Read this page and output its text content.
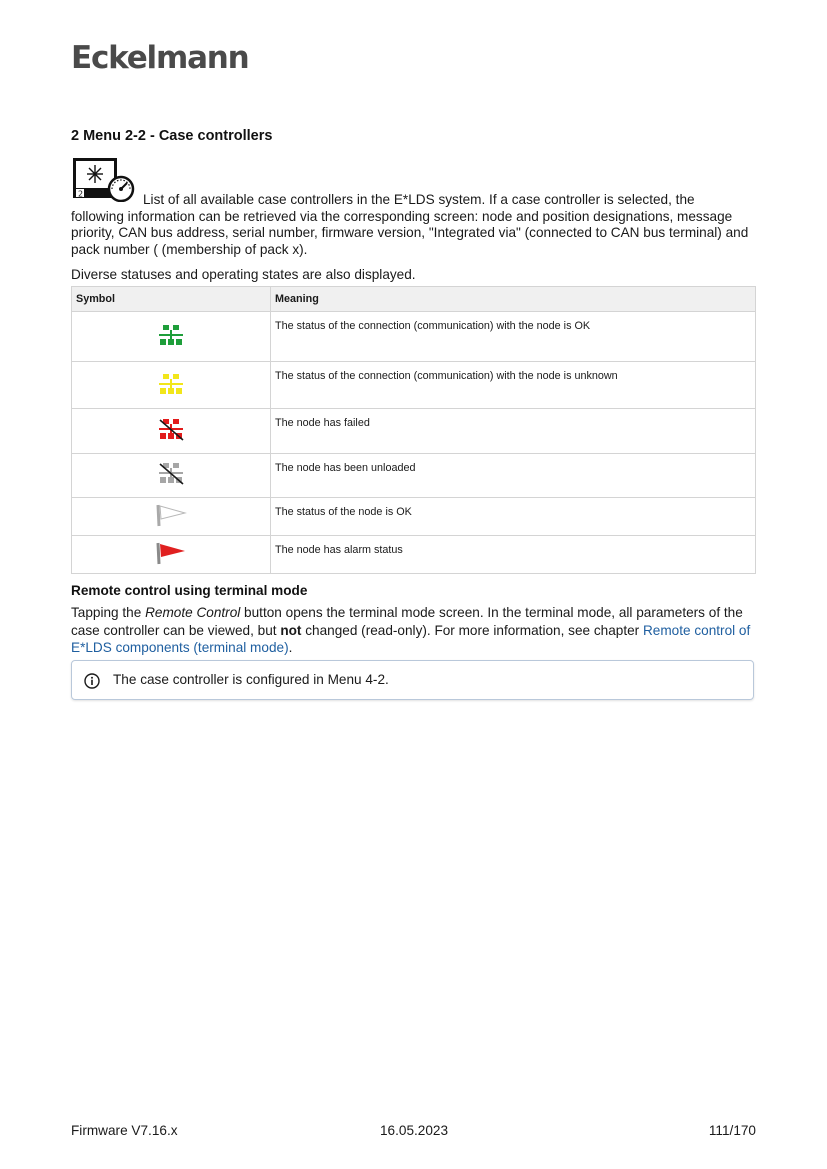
Eckelmann
2 Menu 2-2 - Case controllers
2	List of all available case controllers in the E*LDS system. If a case controller is selected, the
following information can be retrieved via the corresponding screen: node and position designations, message priority, CAN bus address, serial number, firmware version, "Integrated via" (connected to CAN bus terminal) and pack number ( (membership of pack x).
Diverse statuses and operating states are also displayed.
Symbol	Meaning
	The status of the connection (communication) with the node is OK
	The status of the connection (communication) with the node is unknown
	The node has failed
	The node has been unloaded
	The status of the node is OK
	The node has alarm status
Remote control using terminal mode
Tapping the Remote Control button opens the terminal mode screen. In the terminal mode, all parameters of the case controller can be viewed, but not changed (read-only). For more information, see chapter Remote control of E*LDS components (terminal mode).
The case controller is configured in Menu 4-2.
Firmware V7.16.x	16.05.2023	111/170
